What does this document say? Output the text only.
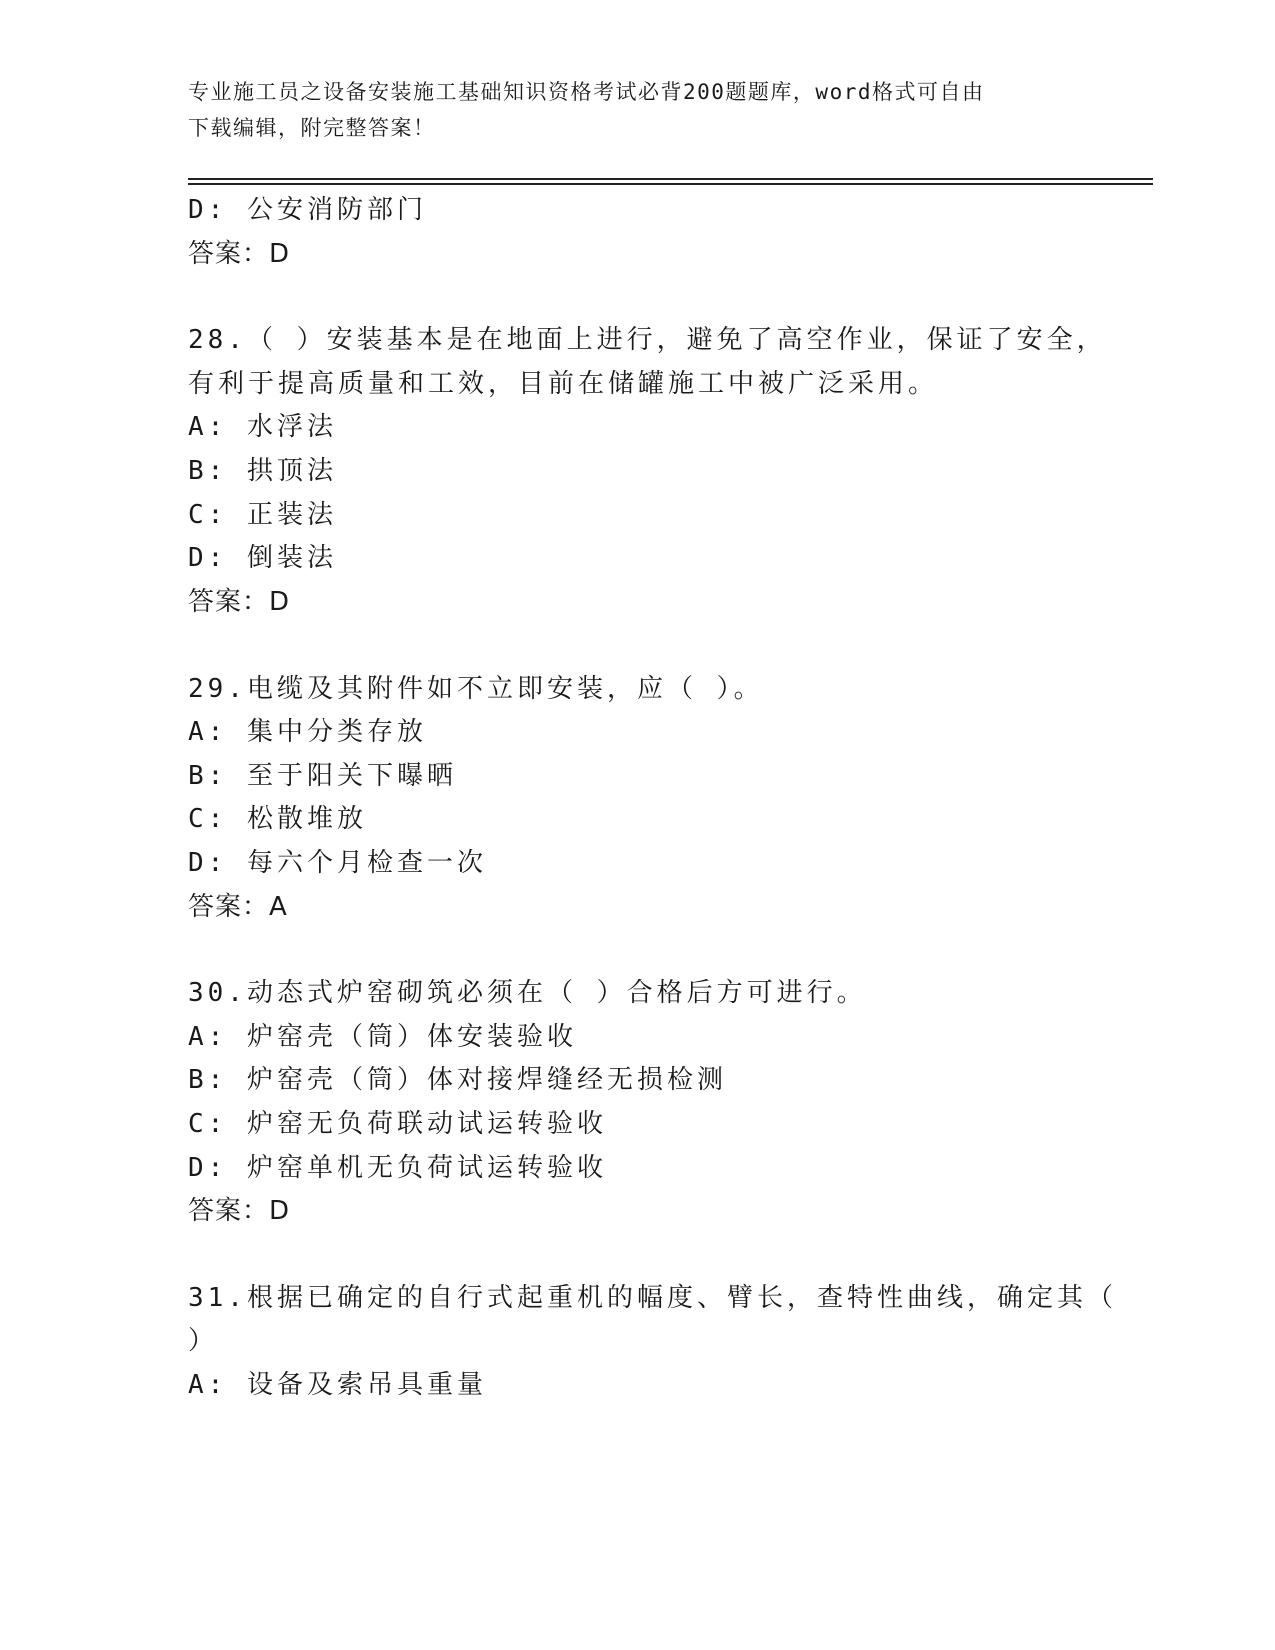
专业施工员之设备安装施工基础知识资格考试必背200题题库，word格式可自由
下载编辑，附完整答案！
D: 公安消防部门
答案：D
28.（ ）安装基本是在地面上进行，避免了高空作业，保证了安全，
有利于提高质量和工效，目前在储罐施工中被广泛采用。
A: 水浮法
B: 拱顶法
C: 正装法
D: 倒装法
答案：D
29.电缆及其附件如不立即安装，应（ ）。
A: 集中分类存放
B: 至于阳关下曝晒
C: 松散堆放
D: 每六个月检查一次
答案：A
30.动态式炉窑砌筑必须在（ ）合格后方可进行。
A: 炉窑壳（筒）体安装验收
B: 炉窑壳（筒）体对接焊缝经无损检测
C: 炉窑无负荷联动试运转验收
D: 炉窑单机无负荷试运转验收
答案：D
31.根据已确定的自行式起重机的幅度、臂长，查特性曲线，确定其（
）
A: 设备及索吊具重量
